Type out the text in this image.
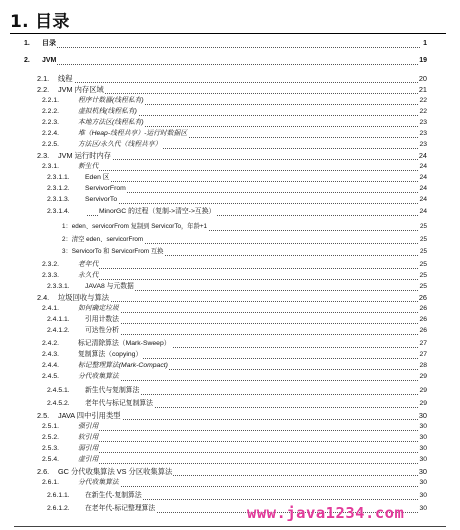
1. 目录
1. 目录	1
2. JVM	19
2.1. 线程	20
2.2. JVM 内存区域	21
2.2.1.	程序计数器(线程私有)	22
2.2.2.	虚拟机栈(线程私有)	22
2.2.3.	本地方法区(线程私有)	23
2.2.4.	堆（Heap-线程共享）-运行时数据区	23
2.2.5.	方法区/永久代（线程共享）	23
2.3. JVM 运行时内存	24
2.3.1.	新生代	24
2.3.1.1. Eden 区	24
2.3.1.2. ServivorFrom	24
2.3.1.3. ServivorTo	24
2.3.1.4.	MinorGC 的过程（复制->清空->互换）	24
1：eden、servicorFrom 复制到 ServicorTo，年龄+1	25
2：清空 eden、servicorFrom	25
3：ServicorTo 和 ServicorFrom 互换	25
2.3.2.	老年代	25
2.3.3.	永久代	25
2.3.3.1. JAVA8 与元数据	25
2.4. 垃圾回收与算法	26
2.4.1.	如何确定垃圾	26
2.4.1.1. 引用计数法	26
2.4.1.2. 可达性分析	26
2.4.2.	标记清除算法（Mark-Sweep）	27
2.4.3.	复制算法（copying）	27
2.4.4.	标记整理算法(Mark-Compact)	28
2.4.5.	分代收集算法	29
2.4.5.1. 新生代与复制算法	29
2.4.5.2. 老年代与标记复制算法	29
2.5. JAVA 四中引用类型	30
2.5.1.	强引用	30
2.5.2.	软引用	30
2.5.3.	弱引用	30
2.5.4.	虚引用	30
2.6. GC 分代收集算法 VS 分区收集算法	30
2.6.1.	分代收集算法	30
2.6.1.1. 在新生代-复制算法	30
2.6.1.2. 在老年代-标记整理算法	30
www.java1234.com
